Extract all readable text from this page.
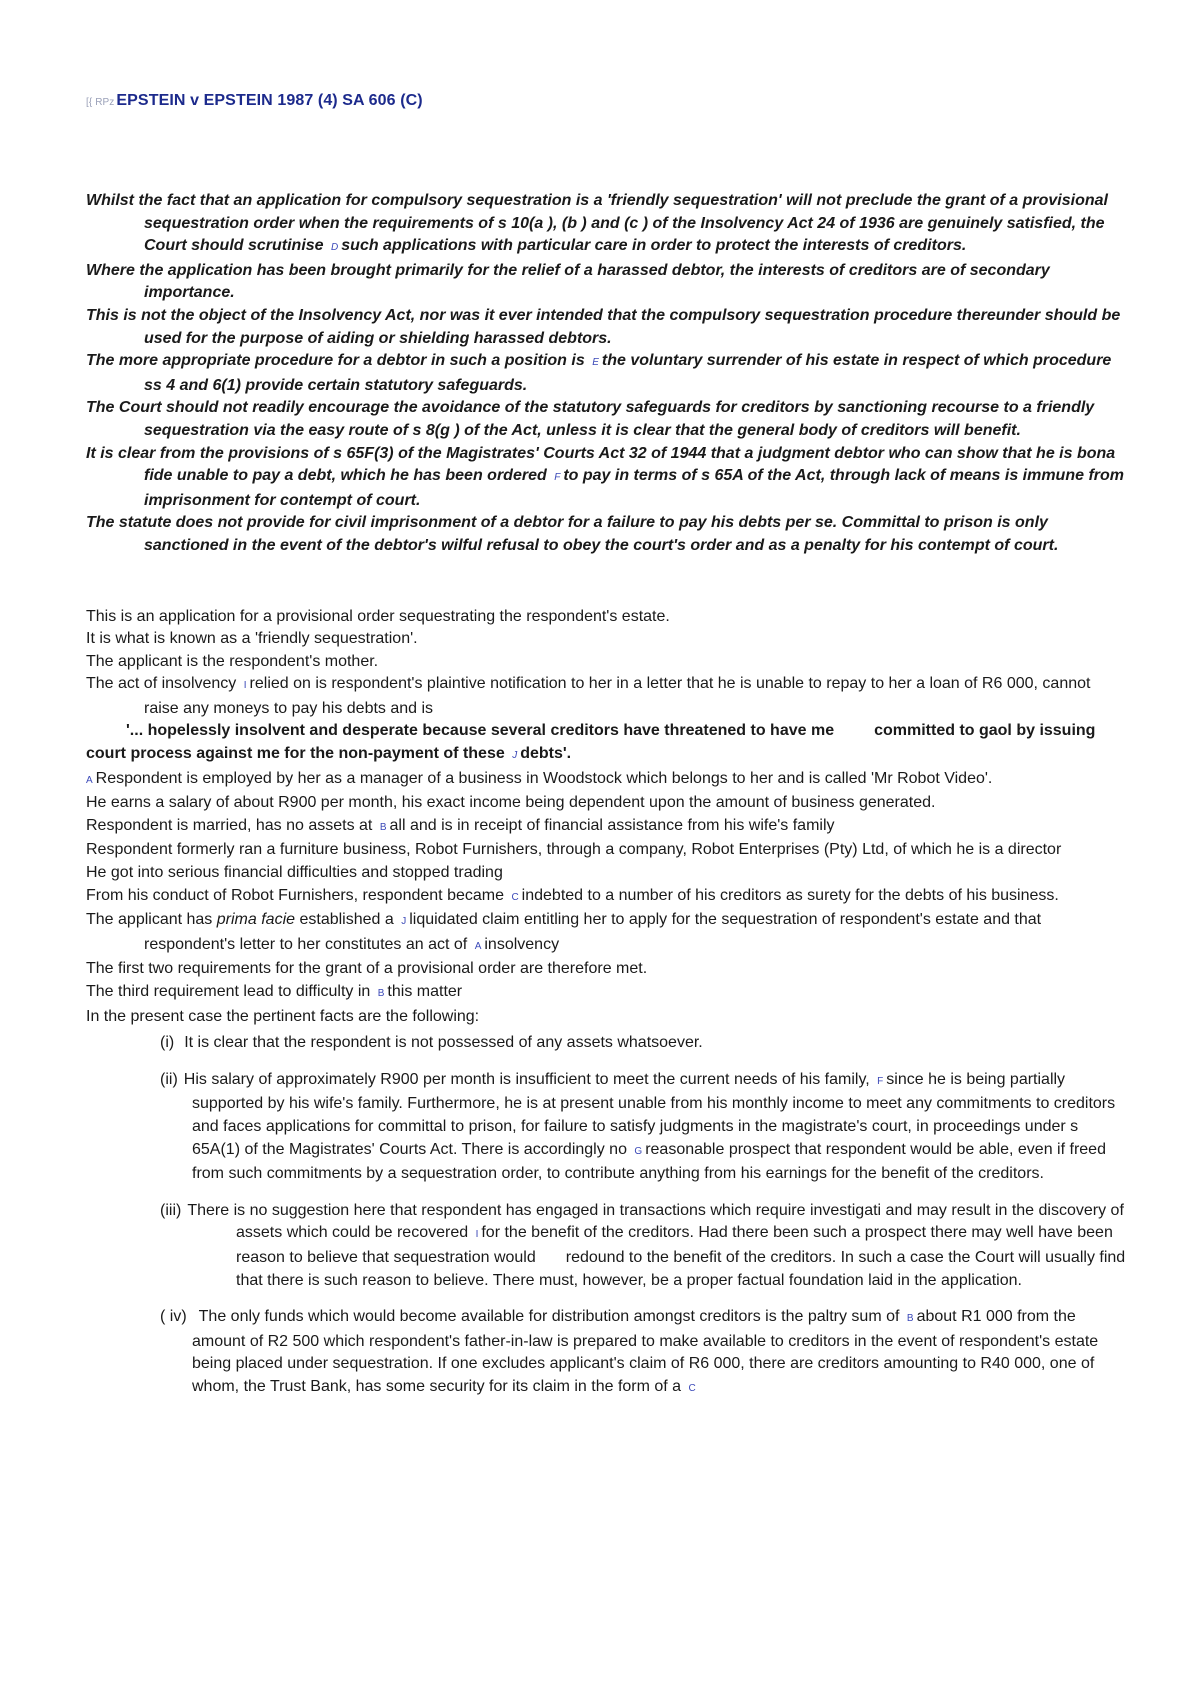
[{ RPz EPSTEIN v EPSTEIN 1987 (4) SA 606 (C)

Whilst the fact that an application for compulsory sequestration is a 'friendly sequestration' will not preclude the grant of a provisional sequestration order when the requirements of s 10(a ), (b ) and (c ) of the Insolvency Act 24 of 1936 are genuinely satisfied, the Court should scrutinise D such applications with particular care in order to protect the interests of creditors.

Where the application has been brought primarily for the relief of a harassed debtor, the interests of creditors are of secondary importance.

This is not the object of the Insolvency Act, nor was it ever intended that the compulsory sequestration procedure thereunder should be used for the purpose of aiding or shielding harassed debtors.

The more appropriate procedure for a debtor in such a position is E the voluntary surrender of his estate in respect of which procedure ss 4 and 6(1) provide certain statutory safeguards.

The Court should not readily encourage the avoidance of the statutory safeguards for creditors by sanctioning recourse to a friendly sequestration via the easy route of s 8(g ) of the Act, unless it is clear that the general body of creditors will benefit.

It is clear from the provisions of s 65F(3) of the Magistrates' Courts Act 32 of 1944 that a judgment debtor who can show that he is bona fide unable to pay a debt, which he has been ordered F to pay in terms of s 65A of the Act, through lack of means is immune from imprisonment for contempt of court.

The statute does not provide for civil imprisonment of a debtor for a failure to pay his debts per se. Committal to prison is only sanctioned in the event of the debtor's wilful refusal to obey the court's order and as a penalty for his contempt of court.

This is an application for a provisional order sequestrating the respondent's estate.

It is what is known as a 'friendly sequestration'.

The applicant is the respondent's mother.

The act of insolvency I relied on is respondent's plaintive notification to her in a letter that he is unable to repay to her a loan of R6 000, cannot raise any moneys to pay his debts and is

'... hopelessly insolvent and desperate because several creditors have threatened to have me	committed to gaol by issuing court process against me for the non-payment of these J debts'.

A Respondent is employed by her as a manager of a business in Woodstock which belongs to her and is called 'Mr Robot Video'.

He earns a salary of about R900 per month, his exact income being dependent upon the amount of business generated.

Respondent is married, has no assets at B all and is in receipt of financial assistance from his wife's family

Respondent formerly ran a furniture business, Robot Furnishers, through a company, Robot Enterprises (Pty) Ltd, of which he is a director

He got into serious financial difficulties and stopped trading

From his conduct of Robot Furnishers, respondent became C indebted to a number of his creditors as surety for the debts of his business.

The applicant has prima facie established a J liquidated claim entitling her to apply for the sequestration of respondent's estate and that respondent's letter to her constitutes an act of A insolvency

The first two requirements for the grant of a provisional order are therefore met.

The third requirement lead to difficulty in B this matter

In the present case the pertinent facts are the following:

(i) It is clear that the respondent is not possessed of any assets whatsoever.

(ii) His salary of approximately R900 per month is insufficient to meet the current needs of his family, F since he is being partially supported by his wife's family. Furthermore, he is at present unable from his monthly income to meet any commitments to creditors and faces applications for committal to prison, for failure to satisfy judgments in the magistrate's court, in proceedings under s 65A(1) of the Magistrates' Courts Act. There is accordingly no G reasonable prospect that respondent would be able, even if freed from such commitments by a sequestration order, to contribute anything from his earnings for the benefit of the creditors.

(iii) There is no suggestion here that respondent has engaged in transactions which require investigati and may result in the discovery of assets which could be recovered I for the benefit of the creditors. Had there been such a prospect there may well have been reason to believe that sequestration would redound to the benefit of the creditors. In such a case the Court will usually find that there is such reason to believe. There must, however, be a proper factual foundation laid in the application.

( iv) The only funds which would become available for distribution amongst creditors is the paltry sum of B about R1 000 from the amount of R2 500 which respondent's father-in-law is prepared to make available to creditors in the event of respondent's estate being placed under sequestration. If one excludes applicant's claim of R6 000, there are creditors amounting to R40 000, one of whom, the Trust Bank, has some security for its claim in the form of a C
